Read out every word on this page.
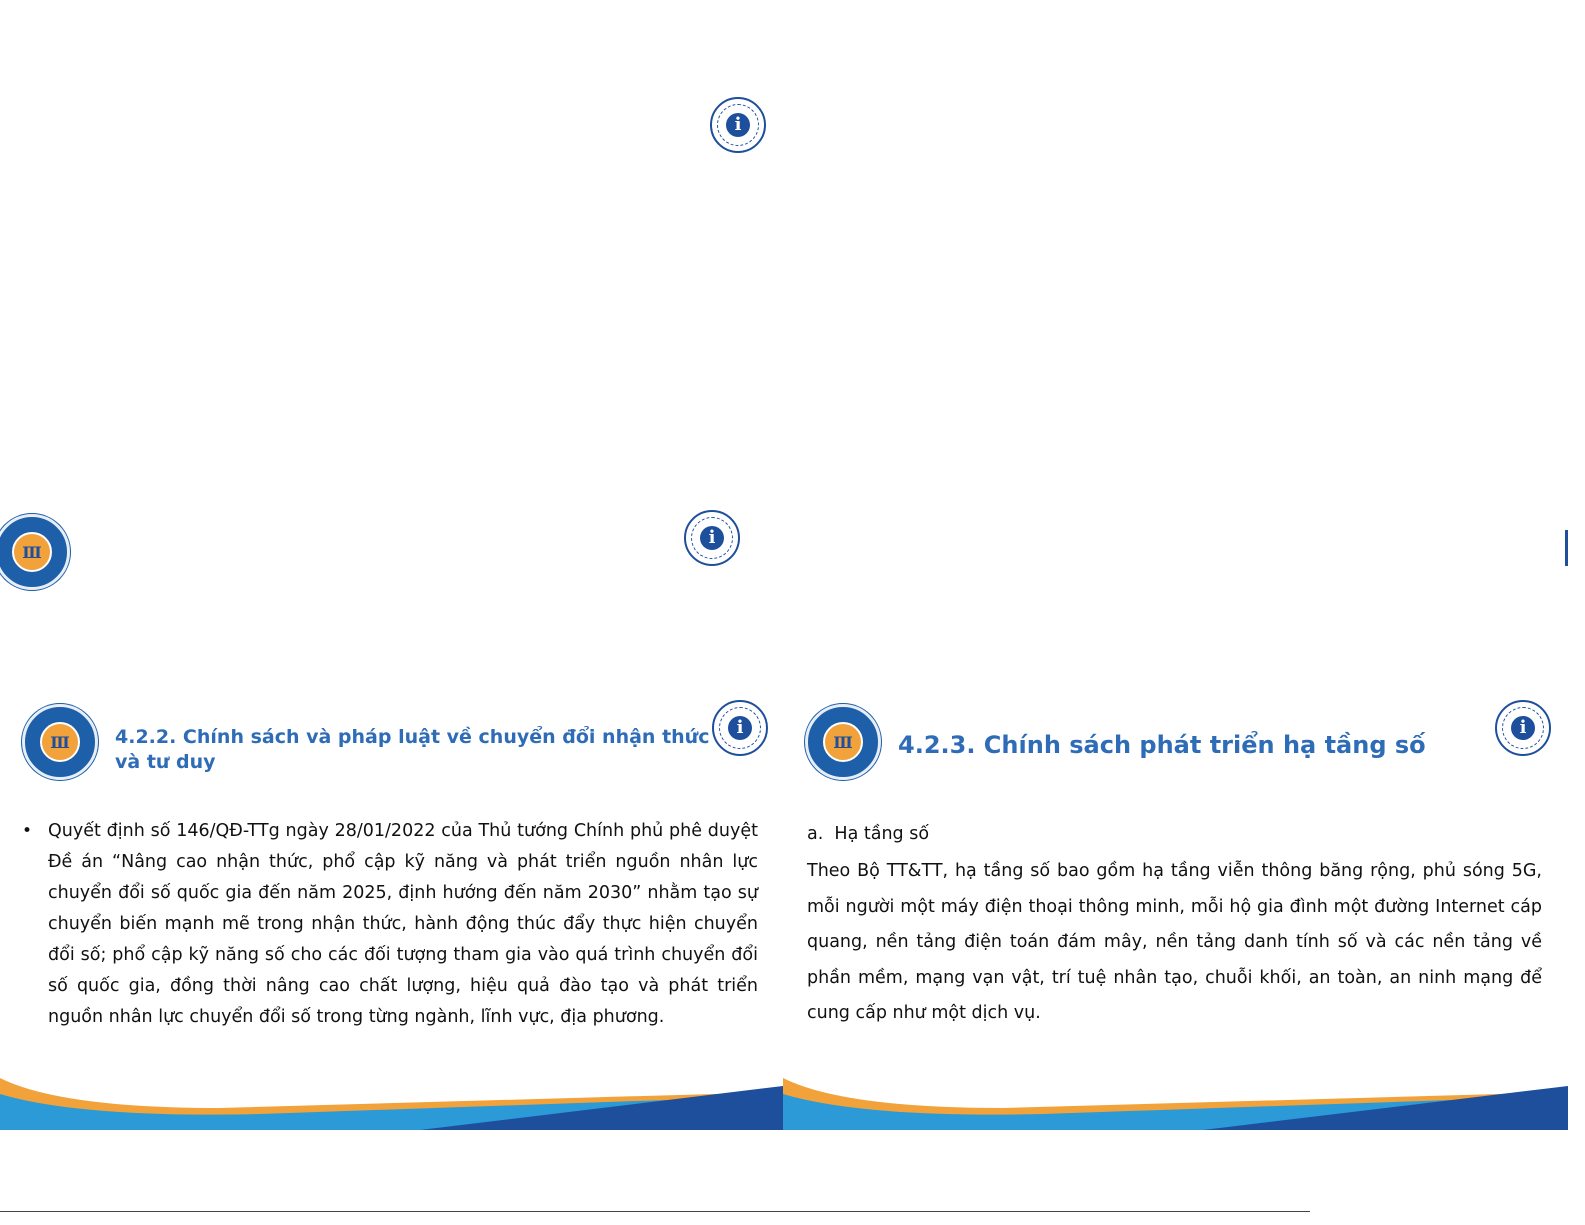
i
Ⅲ
i
Ⅲ
i
4.2.2. Chính sách và pháp luật về chuyển đổi nhận thức và tư duy
• Quyết định số 146/QĐ-TTg ngày 28/01/2022 của Thủ tướng Chính phủ phê duyệt Đề án “Nâng cao nhận thức, phổ cập kỹ năng và phát triển nguồn nhân lực chuyển đổi số quốc gia đến năm 2025, định hướng đến năm 2030” nhằm tạo sự chuyển biến mạnh mẽ trong nhận thức, hành động thúc đẩy thực hiện chuyển đổi số; phổ cập kỹ năng số cho các đối tượng tham gia vào quá trình chuyển đổi số quốc gia, đồng thời nâng cao chất lượng, hiệu quả đào tạo và phát triển nguồn nhân lực chuyển đổi số trong từng ngành, lĩnh vực, địa phương.
Ⅲ
i
4.2.3. Chính sách phát triển hạ tầng số
a.  Hạ tầng số
Theo Bộ TT&TT, hạ tầng số bao gồm hạ tầng viễn thông băng rộng, phủ sóng 5G, mỗi người một máy điện thoại thông minh, mỗi hộ gia đình một đường Internet cáp quang, nền tảng điện toán đám mây, nền tảng danh tính số và các nền tảng về phần mềm, mạng vạn vật, trí tuệ nhân tạo, chuỗi khối, an toàn, an ninh mạng để cung cấp như một dịch vụ.
